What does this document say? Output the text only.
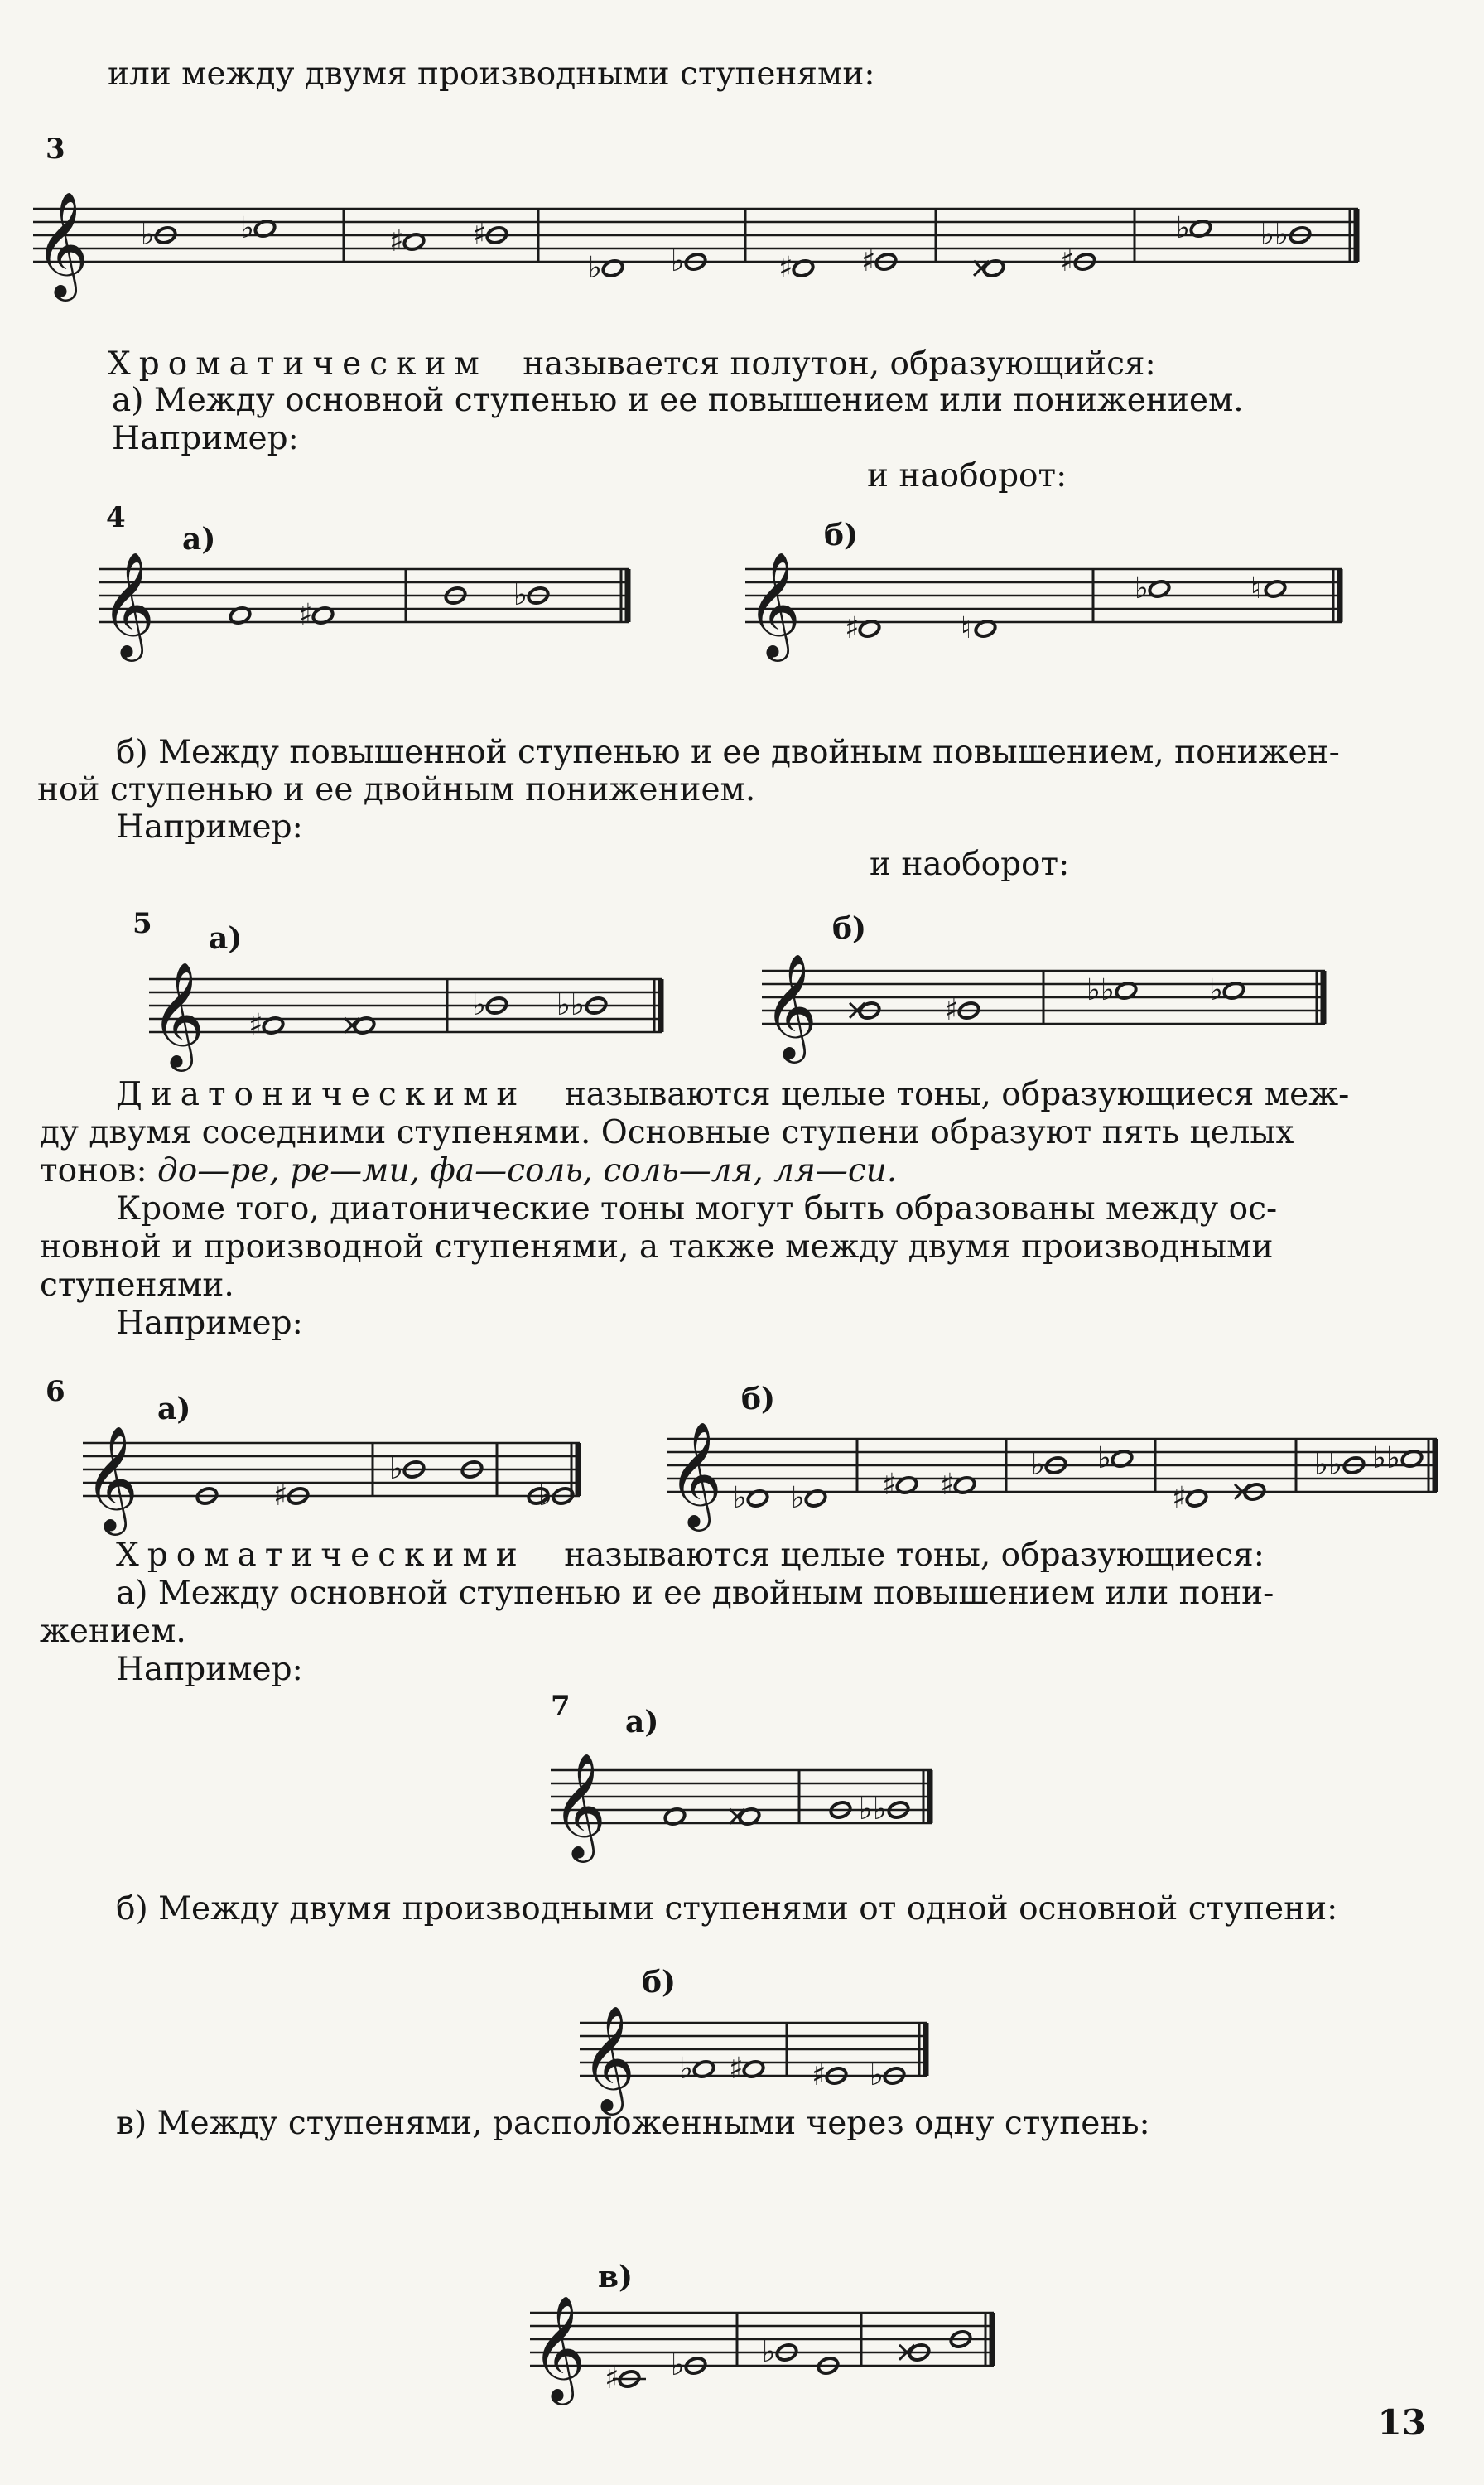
или между двумя производными ступенями:
Хроматическим называется полутон, образующийся:
а) Между основной ступенью и ее повышением или понижением.
Например:
и наоборот:
б) Между повышенной ступенью и ее двойным повышением, понижен-
ной ступенью и ее двойным понижением.
Например:
и наоборот:
Диатоническими называются целые тоны, образующиеся меж-
ду двумя соседними ступенями. Основные ступени образуют пять целых
тонов: до—ре, ре—ми, фа—соль, соль—ля, ля—си.
Кроме того, диатонические тоны могут быть образованы между ос-
новной и производной ступенями, а также между двумя производными
ступенями.
Например:
Хроматическими называются целые тоны, образующиеся:
а) Между основной ступенью и ее двойным повышением или пони-
жением.
Например:
б) Между двумя производными ступенями от одной основной ступени:
в) Между ступенями, расположенными через одну ступень:
13
3
4
а)	б)
5 а)	б)
6	а)	б)
7 а)
б)
в)
𝄞 ♭	♭	♯ ♯
♭ ♭	♯ ♯	× ♯
♭ ♭♭
𝄞	♯
♭ 𝄞 ♯	♮
♭	♮
𝄞 ♯	×
♭ ♭♭ 𝄞 × ♯
♭♭	♭
𝄞	♯
♭
♭ 𝄞 ♭ ♭	♯ ♯
♭ ♭
♯ ×
♭♭ ♭♭
𝄞	×	♭♭
𝄞 ♭ ♯ ♯ ♭
𝄞 ♯ ♭	♭	×
